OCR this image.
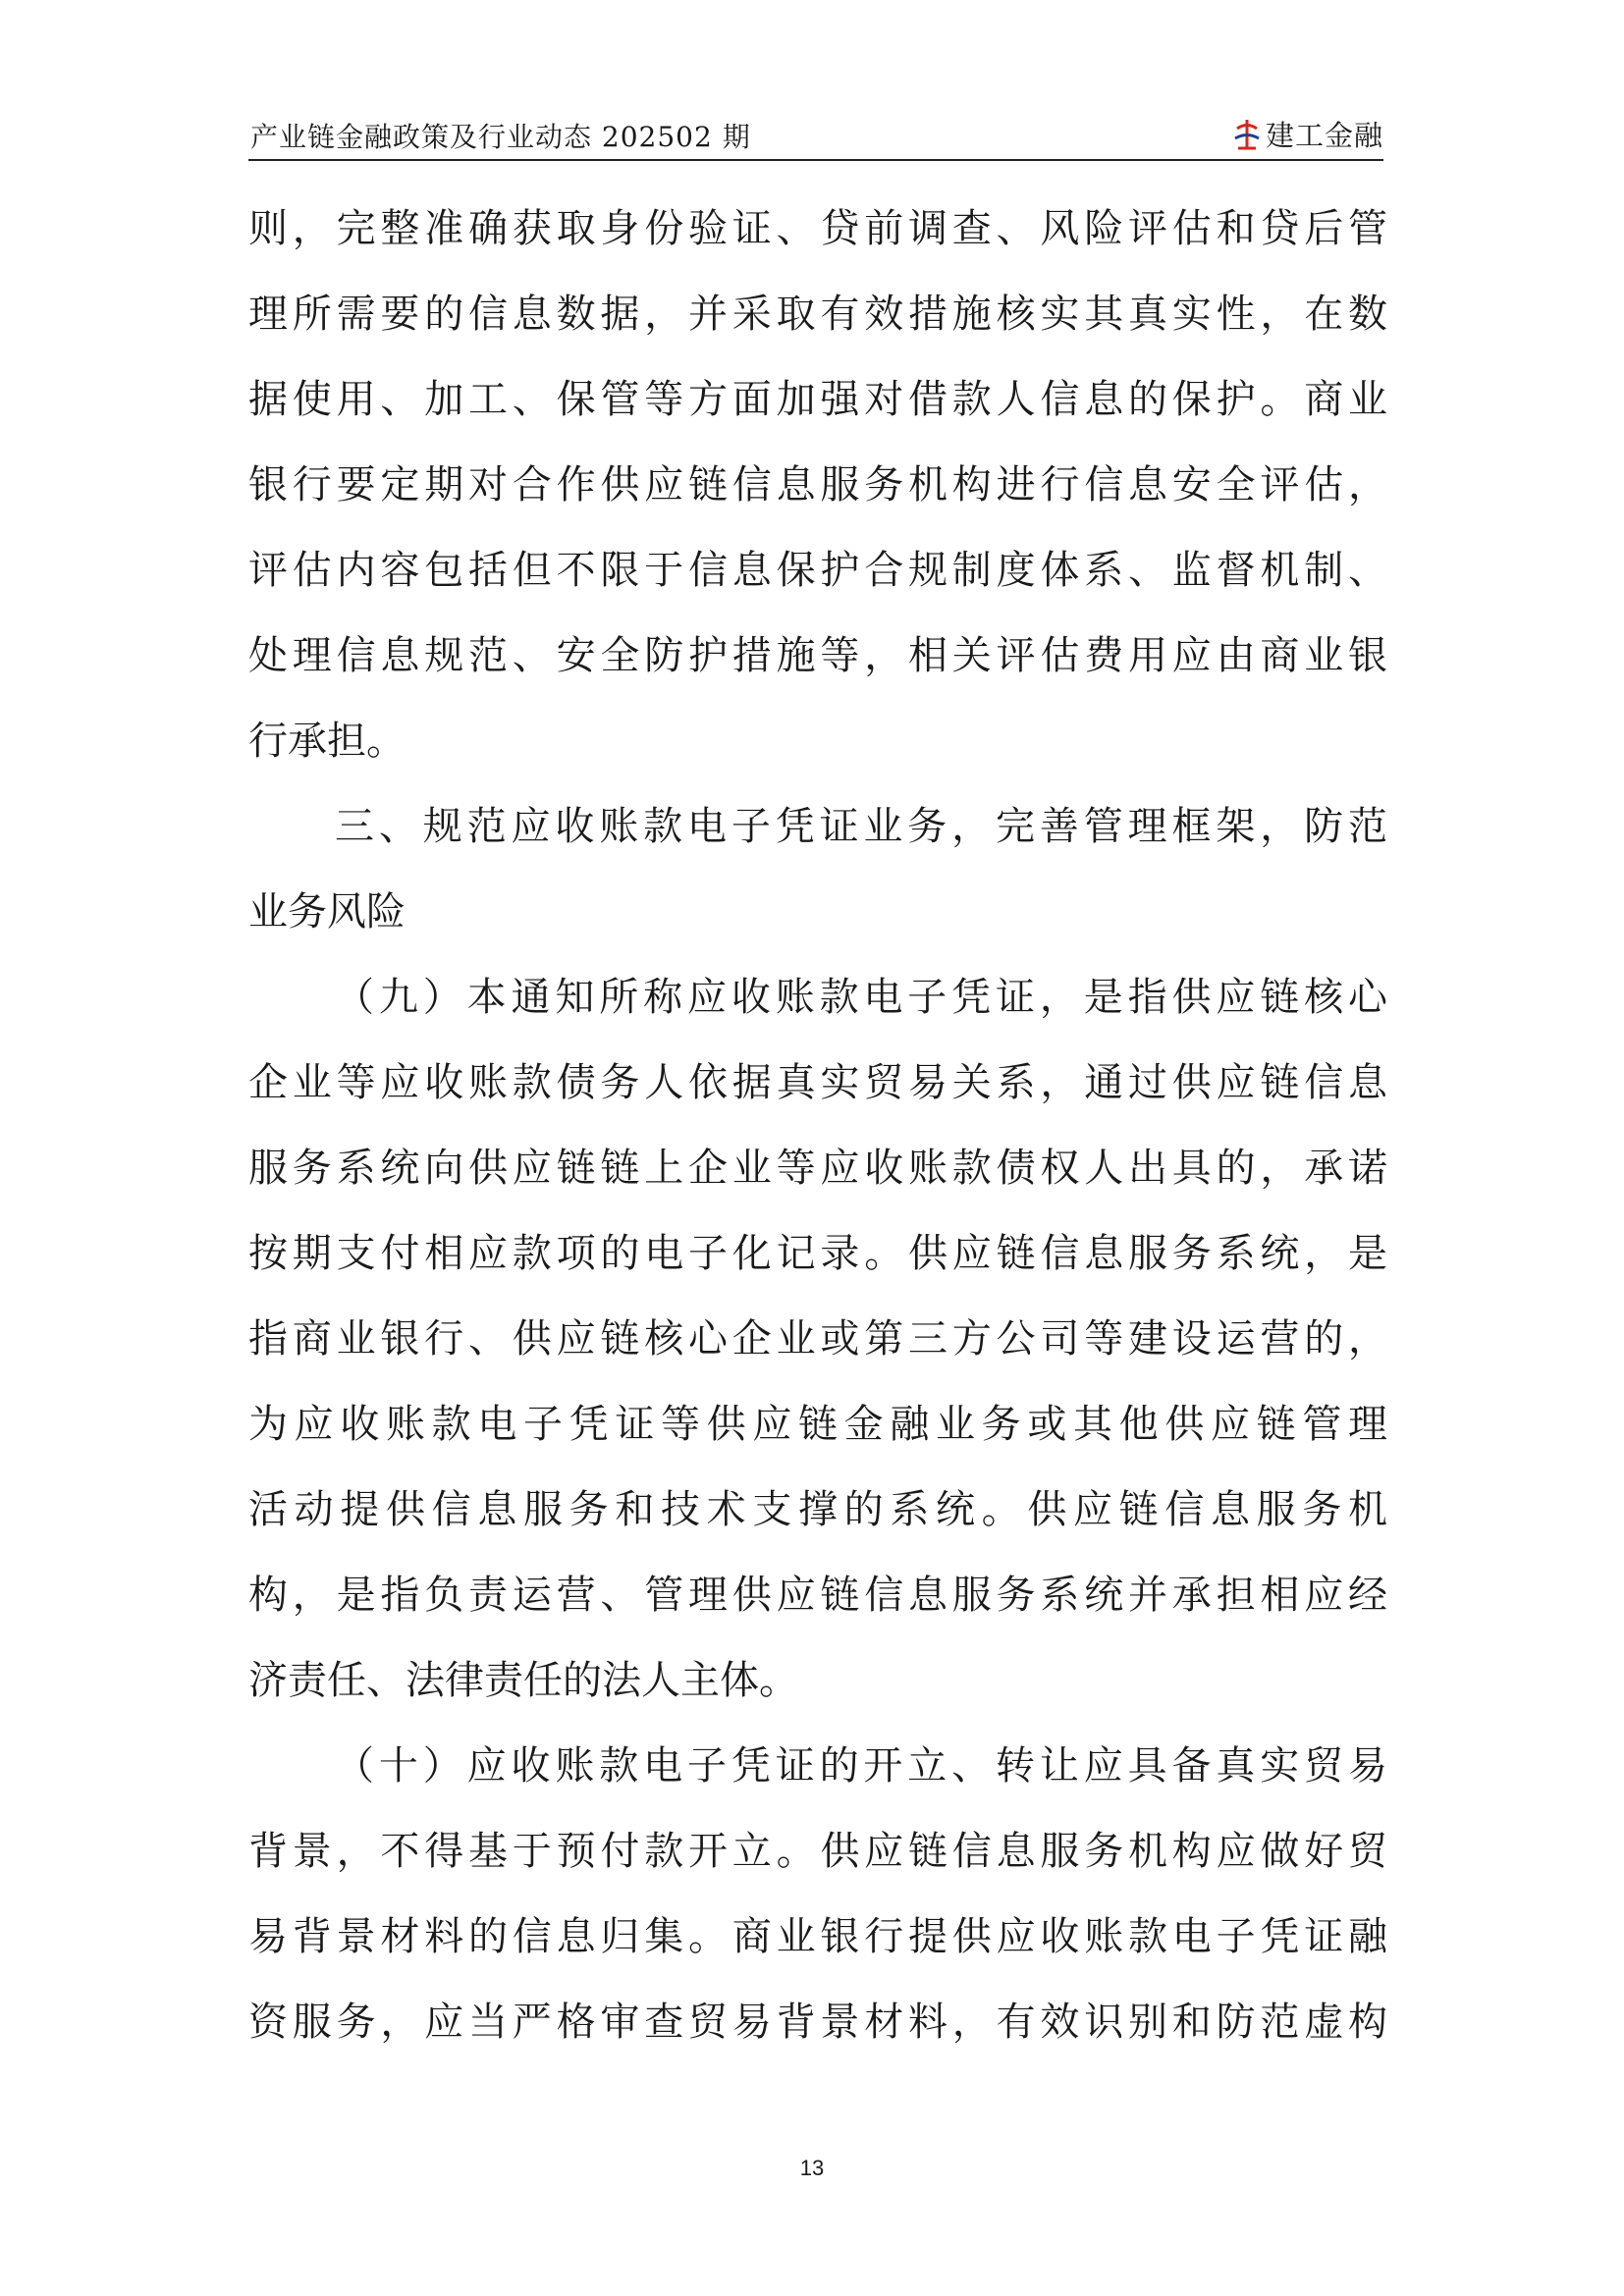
产业链金融政策及行业动态 202502 期	建工金融
则，完整准确获取身份验证、贷前调查、风险评估和贷后管
理所需要的信息数据，并采取有效措施核实其真实性，在数
据使用、加工、保管等方面加强对借款人信息的保护。商业
银行要定期对合作供应链信息服务机构进行信息安全评估，
评估内容包括但不限于信息保护合规制度体系、监督机制、
处理信息规范、安全防护措施等，相关评估费用应由商业银
行承担。
三、规范应收账款电子凭证业务，完善管理框架，防范
业务风险
（九）本通知所称应收账款电子凭证，是指供应链核心
企业等应收账款债务人依据真实贸易关系，通过供应链信息
服务系统向供应链链上企业等应收账款债权人出具的，承诺
按期支付相应款项的电子化记录。供应链信息服务系统，是
指商业银行、供应链核心企业或第三方公司等建设运营的，
为应收账款电子凭证等供应链金融业务或其他供应链管理
活动提供信息服务和技术支撑的系统。供应链信息服务机
构，是指负责运营、管理供应链信息服务系统并承担相应经
济责任、法律责任的法人主体。
（十）应收账款电子凭证的开立、转让应具备真实贸易
背景，不得基于预付款开立。供应链信息服务机构应做好贸
易背景材料的信息归集。商业银行提供应收账款电子凭证融
资服务，应当严格审查贸易背景材料，有效识别和防范虚构
13
